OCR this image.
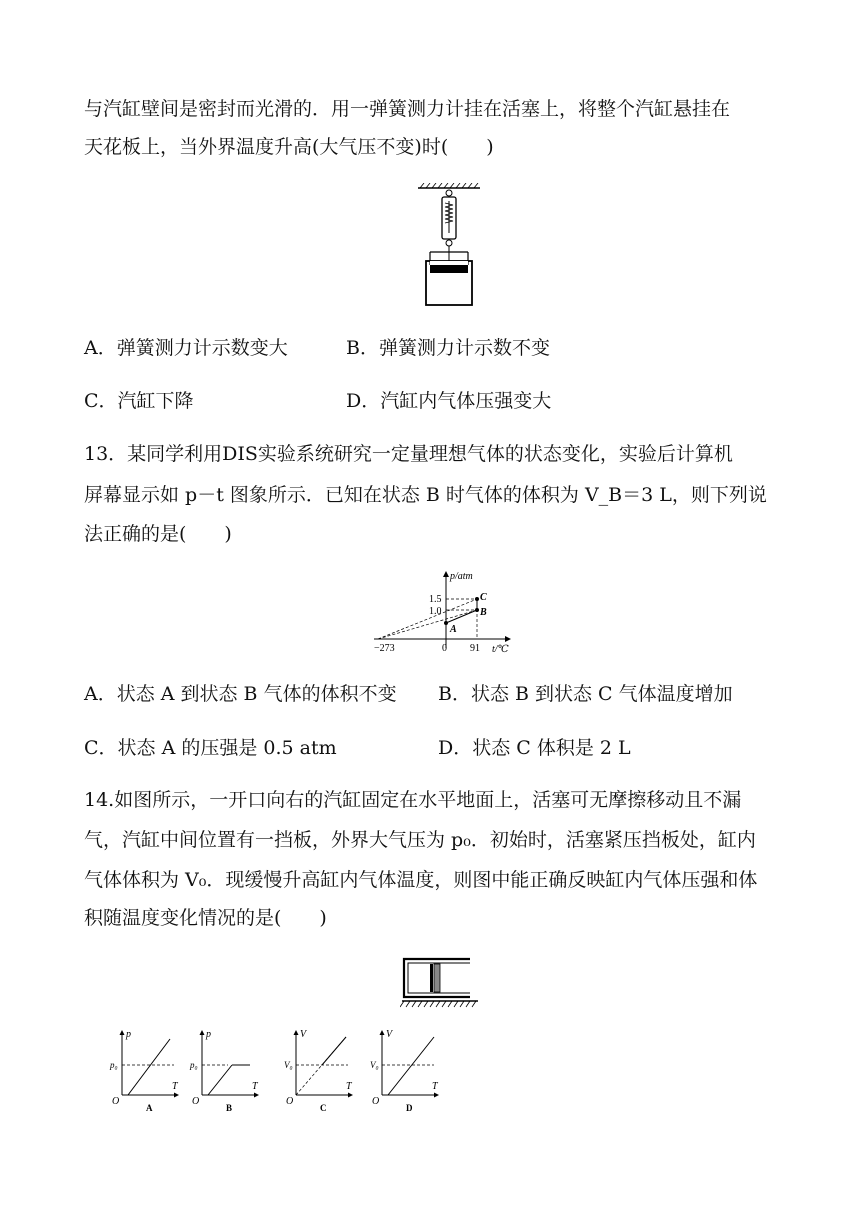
与汽缸壁间是密封而光滑的．用一弹簧测力计挂在活塞上，将整个汽缸悬挂在
天花板上，当外界温度升高(大气压不变)时(　　)
A．弹簧测力计示数变大	B．弹簧测力计示数不变
C．汽缸下降	D．汽缸内气体压强变大
13．某同学利用DIS实验系统研究一定量理想气体的状态变化，实验后计算机
屏幕显示如 p－t 图象所示．已知在状态 B 时气体的体积为 V_B＝3 L，则下列说
法正确的是(　　)
p/atm
t/℃
1.5
1.0
−273	0 91
A
B
C
A．状态 A 到状态 B 气体的体积不变 B．状态 B 到状态 C 气体温度增加
C．状态 A 的压强是 0.5 atm	D．状态 C 体积是 2 L
14.如图所示，一开口向右的汽缸固定在水平地面上，活塞可无摩擦移动且不漏
气，汽缸中间位置有一挡板，外界大气压为 p₀．初始时，活塞紧压挡板处，缸内
气体体积为 V₀．现缓慢升高缸内气体温度，则图中能正确反映缸内气体压强和体
积随温度变化情况的是(　　)
p
p₀
T
O
A
p
p₀
T
O
B
V
V₀
T
O
C
V
V₀
T
O
D
